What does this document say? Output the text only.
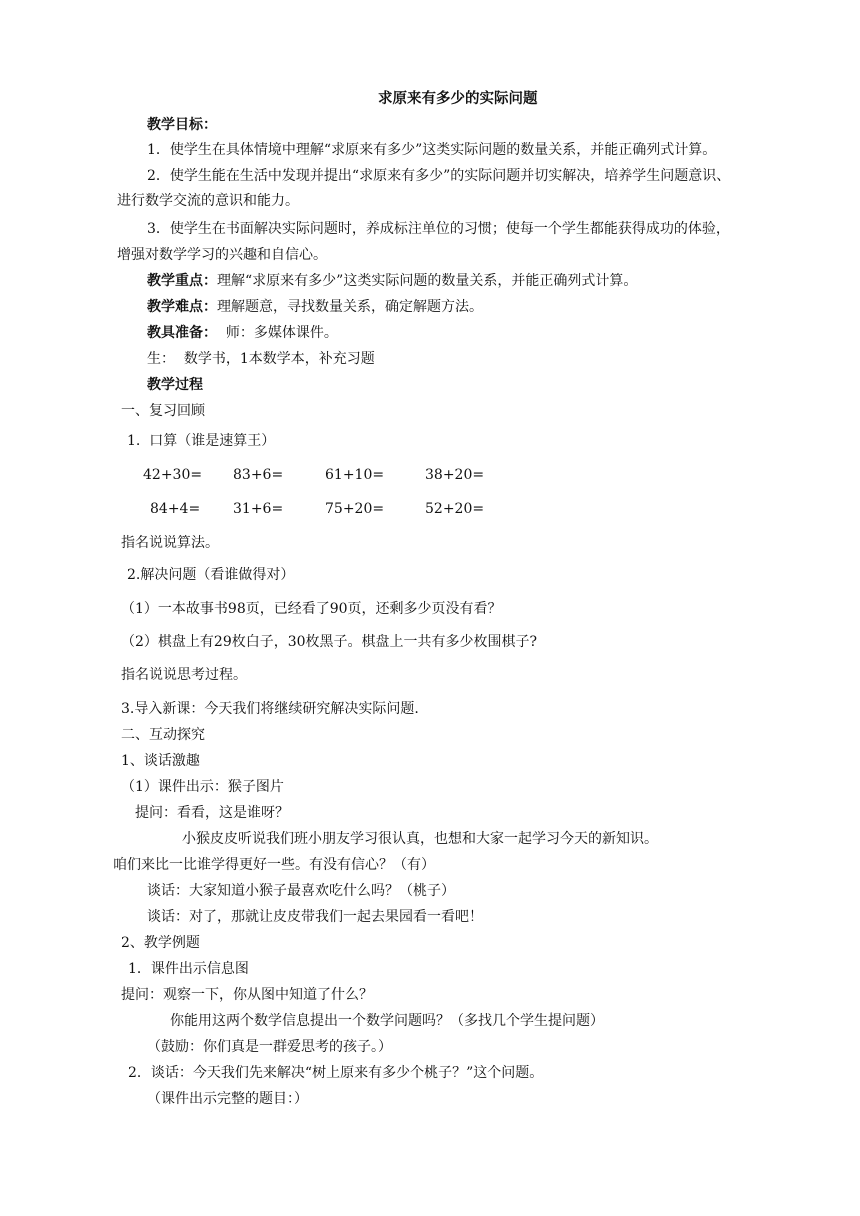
求原来有多少的实际问题
教学目标：
1．使学生在具体情境中理解“求原来有多少”这类实际问题的数量关系，并能正确列式计算。
2．使学生能在生活中发现并提出“求原来有多少”的实际问题并切实解决，培养学生问题意识、
进行数学交流的意识和能力。
3．使学生在书面解决实际问题时，养成标注单位的习惯；使每一个学生都能获得成功的体验，
增强对数学学习的兴趣和自信心。
教学重点：理解“求原来有多少”这类实际问题的数量关系，并能正确列式计算。
教学难点：理解题意，寻找数量关系，确定解题方法。
教具准备：  师：多媒体课件。
生：  数学书，1本数学本，补充习题
教学过程
一、复习回顾
1.  口算（谁是速算王）
42+30= 83+6=	61+10=	38+20=
84+4= 31+6=	75+20=	52+20=
指名说说算法。
2.解决问题（看谁做得对）
（1）一本故事书98页，已经看了90页，还剩多少页没有看？
（2）棋盘上有29枚白子，30枚黑子。棋盘上一共有多少枚围棋子?
指名说说思考过程。
3.导入新课：今天我们将继续研究解决实际问题.
二、互动探究
1、谈话激趣
（1）课件出示：猴子图片
提问：看看，这是谁呀？
小猴皮皮听说我们班小朋友学习很认真，也想和大家一起学习今天的新知识。
咱们来比一比谁学得更好一些。有没有信心？（有）
谈话：大家知道小猴子最喜欢吃什么吗？（桃子）
谈话：对了，那就让皮皮带我们一起去果园看一看吧！
2、教学例题
1．课件出示信息图
提问：观察一下，你从图中知道了什么？
你能用这两个数学信息提出一个数学问题吗？（多找几个学生提问题）
（鼓励：你们真是一群爱思考的孩子。）
2．谈话：今天我们先来解决“树上原来有多少个桃子？”这个问题。
（课件出示完整的题目：）
